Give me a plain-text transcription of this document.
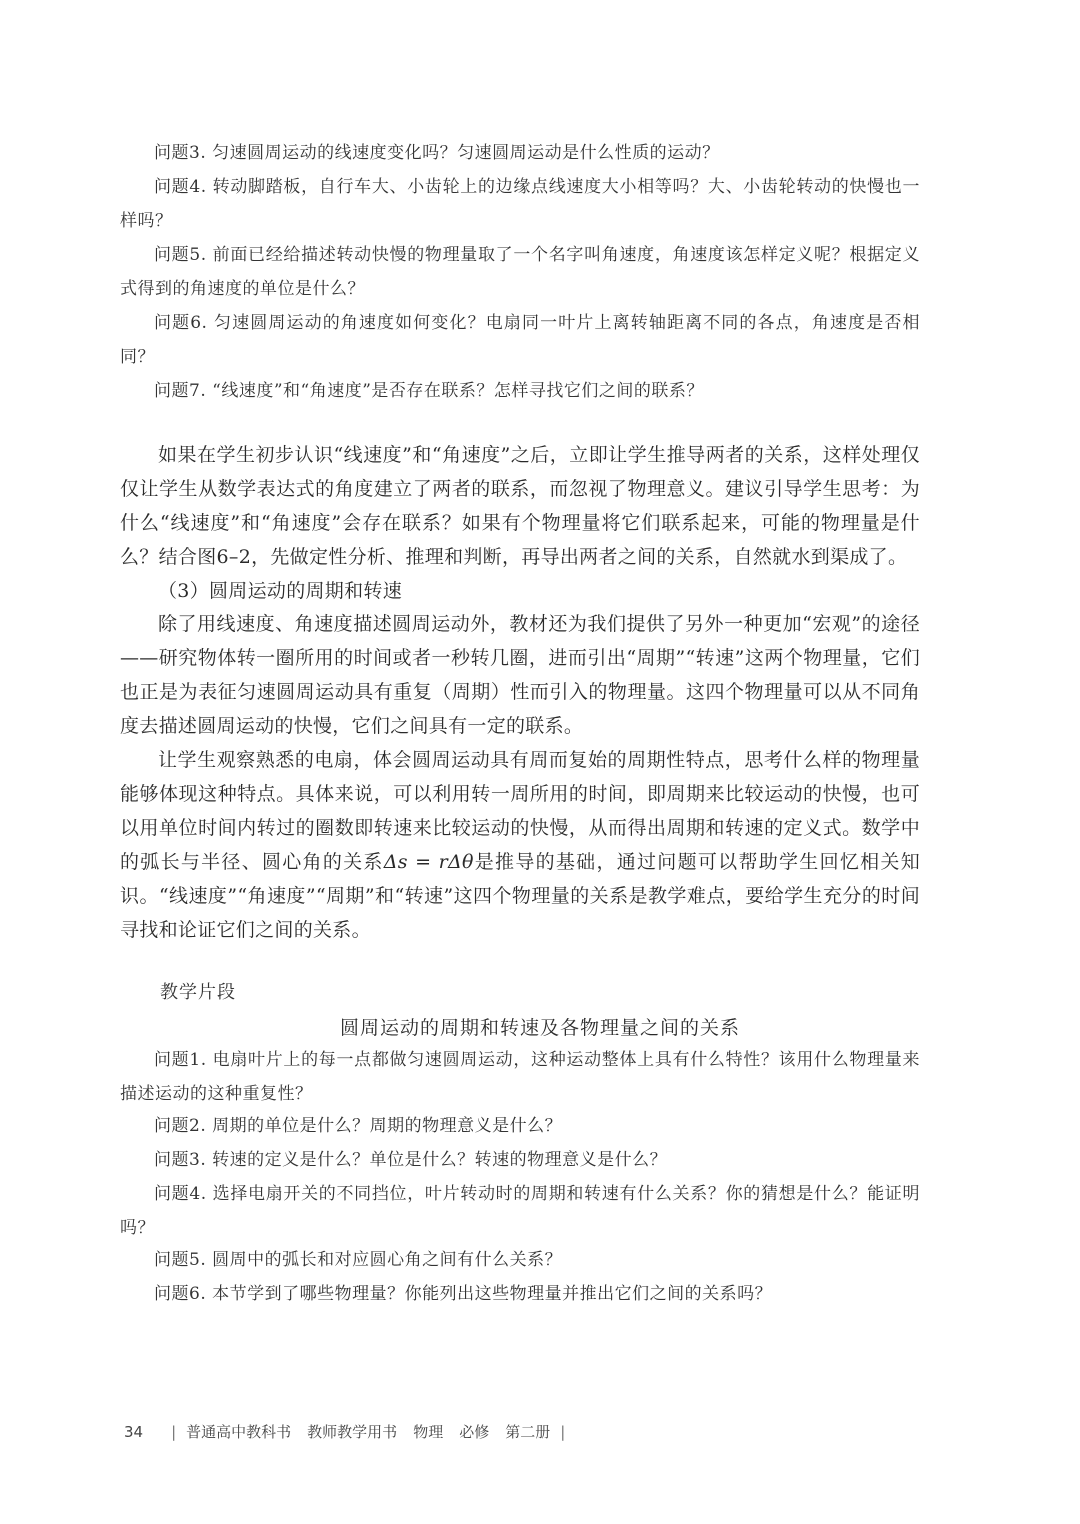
问题3. 匀速圆周运动的线速度变化吗？匀速圆周运动是什么性质的运动？

问题4. 转动脚踏板，自行车大、小齿轮上的边缘点线速度大小相等吗？大、小齿轮转动的快慢也一样吗？

问题5. 前面已经给描述转动快慢的物理量取了一个名字叫角速度，角速度该怎样定义呢？根据定义式得到的角速度的单位是什么？

问题6. 匀速圆周运动的角速度如何变化？电扇同一叶片上离转轴距离不同的各点，角速度是否相同？

问题7. “线速度”和“角速度”是否存在联系？怎样寻找它们之间的联系？

如果在学生初步认识“线速度”和“角速度”之后，立即让学生推导两者的关系，这样处理仅仅让学生从数学表达式的角度建立了两者的联系，而忽视了物理意义。建议引导学生思考：为什么“线速度”和“角速度”会存在联系？如果有个物理量将它们联系起来，可能的物理量是什么？结合图6–2，先做定性分析、推理和判断，再导出两者之间的关系，自然就水到渠成了。

（3）圆周运动的周期和转速

除了用线速度、角速度描述圆周运动外，教材还为我们提供了另外一种更加“宏观”的途径——研究物体转一圈所用的时间或者一秒转几圈，进而引出“周期”“转速”这两个物理量，它们也正是为表征匀速圆周运动具有重复（周期）性而引入的物理量。这四个物理量可以从不同角度去描述圆周运动的快慢，它们之间具有一定的联系。

让学生观察熟悉的电扇，体会圆周运动具有周而复始的周期性特点，思考什么样的物理量能够体现这种特点。具体来说，可以利用转一周所用的时间，即周期来比较运动的快慢，也可以用单位时间内转过的圈数即转速来比较运动的快慢，从而得出周期和转速的定义式。数学中的弧长与半径、圆心角的关系Δs = rΔθ是推导的基础，通过问题可以帮助学生回忆相关知识。“线速度”“角速度”“周期”和“转速”这四个物理量的关系是教学难点，要给学生充分的时间寻找和论证它们之间的关系。

教学片段

圆周运动的周期和转速及各物理量之间的关系

问题1. 电扇叶片上的每一点都做匀速圆周运动，这种运动整体上具有什么特性？该用什么物理量来描述运动的这种重复性？

问题2. 周期的单位是什么？周期的物理意义是什么？

问题3. 转速的定义是什么？单位是什么？转速的物理意义是什么？

问题4. 选择电扇开关的不同挡位，叶片转动时的周期和转速有什么关系？你的猜想是什么？能证明吗？

问题5. 圆周中的弧长和对应圆心角之间有什么关系？

问题6. 本节学到了哪些物理量？你能列出这些物理量并推出它们之间的关系吗？

34 | 普通高中教科书 教师教学用书 物理 必修 第二册 |
